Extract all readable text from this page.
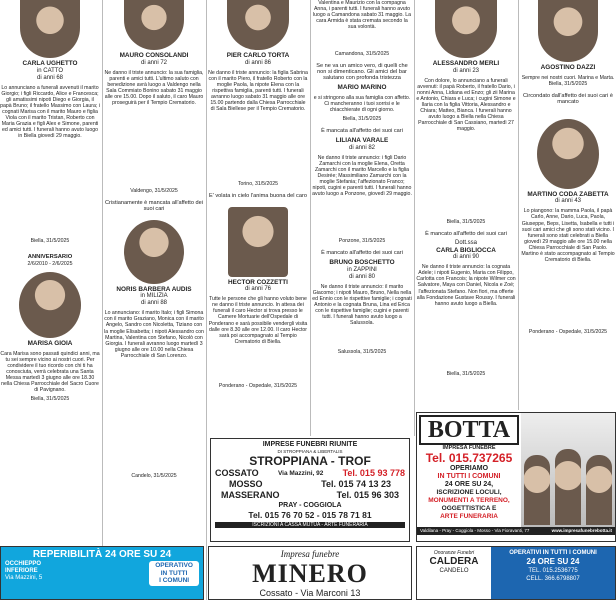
CARLA UGHETTO
in CATTO
di anni 68
Lo annunciano a funerali avvenuti il marito Giorgio; i figli Riccardo, Alice e Francesca; gli amatissimi nipoti Diego e Giorgia, il papà Bruno; il fratello Massimo con Laura; i cognati Marisa con il marito Mauro e figlia Viola con il marito Tristan, Roberto con Maria Grazia e figli Alex e Simone, parenti ed amici tutti. I funerali hanno avuto luogo in Biella giovedì 29 maggio.
Biella, 31/5/2025
ANNIVERSARIO
2/6/2010 - 2/6/2025
MARISA GIOIA
Cara Marisa sono passati quindici anni, ma tu sei sempre vicino ai nostri cuori. Per condividere il tuo ricordo con chi ti ha conosciuta, verrà celebrata una Santa Messa martedì 3 giugno alle ore 18.30 nella Chiesa Parrocchiale del Sacro Cuore di Pavignano.
Biella, 31/5/2025
MAURO CONSOLANDI
di anni 72
Ne danno il triste annuncio: la sua famiglia, parenti e amici tutti. L'ultimo saluto con benedizione avrà luogo a Valdengo nella Sala Commiato Bonino sabato 31 maggio alle ore 15.00. Dopo il saluto, il caro Mauro proseguirà per il Tempio Crematorio.
Valdengo, 31/5/2025
Cristianamente è mancata all'affetto dei suoi cari
NORIS BARBERA AUDIS
in MILIZIA
di anni 88
Lo annunciano: il marito Italo; i figli Simona con il marito Graziano, Monica con il marito Angelo, Sandro con Nicoletta, Tiziano con la moglie Elisabetta; i nipoti Alessandro con Martina, Valentina con Stefano, Nicolò con Giorgia. I funerali avranno luogo martedì 3 giugno alle ore 10.00 nella Chiesa Parrocchiale di San Lorenzo.
Candelo, 31/5/2025
PIER CARLO TORTA
di anni 86
Ne danno il triste annuncio: la figlia Sabrina con il marito Piero, il fratello Roberto con la moglie Paola, la nipote Elena con la rispettiva famiglia, parenti tutti. I funerali avranno luogo sabato 31 maggio alle ore 15.00 partendo dalla Chiesa Parrocchiale di Sala Biellese per il Tempio Crematorio.
Torino, 31/5/2025
E' volata in cielo l'anima buona del caro
HECTOR COZZETTI
di anni 76
Tutte le persone che gli hanno voluto bene ne danno il triste annuncio. In attesa dei funerali il caro Hector si trova presso le Camere Mortuarie dell'Ospedale di Ponderano e sarà possibile vendergli visita dalle ore 8.30 alle ore 12.00. Il caro Hector sarà poi accompagnato al Tempio Crematorio di Biella.
Ponderano - Ospedale, 31/5/2025
Valentina e Maurizio con la compagna Anna, i parenti tutti. I funerali hanno avuto luogo a Camandona sabato 31 maggio. La cara Armida è stata cremata secondo la sua volontà.
Camandona, 31/5/2025
Se ne va un amico vero, di quelli che non si dimenticano. Gli amici del bar salutano con profonda tristezza
MARIO MARINO
e si stringono alla sua famiglia con affetto. Ci mancheranno i tuoi sorrisi e le chiacchierate di ogni giorno.
Biella, 31/5/2025
È mancata all'affetto dei suoi cari
LILIANA VARALE
di anni 82
Ne danno il triste annuncio: i figli Dario Zamarchi con la moglie Elena, Oretta Zamarchi con il marito Marcello e la figlia Desirée; Massimiliano Zamarchi con la moglie Stefania; l'affezionato Franco; nipoti, cugini e parenti tutti. I funerali hanno avuto luogo a Ponzone, giovedì 29 maggio.
Ponzone, 31/5/2025
È mancato all'affetto dei suoi cari
BRUNO BOSCHETTO
in ZAPPINI
di anni 80
Ne danno il triste annuncio: il marito Giacomo; i nipoti Mauro, Bruno, Nella nella ed Ennio con le rispettive famiglie; i cognati Antonio e la cognata Bruna, Lina ed Erica con le rispettive famiglie; cugini e parenti tutti. I funerali hanno avuto luogo a Salussola.
Salussola, 31/5/2025
ALESSANDRO MERLI
di anni 23
Con dolore, lo annunciano a funerali avvenuti: il papà Roberto, il fratello Dario, i nonni Anna, Lidiana ed Enzo; gli zii Marina e Antonio, Chiara e Luca; i cugini Simone e Ilaria con la figlia Vittoria, Alessandro e Chiara; Matteo, Bianca. I funerali hanno avuto luogo a Biella nella Chiesa Parrocchiale di San Cassiano, martedì 27 maggio.
Biella, 31/5/2025
È mancato all'affetto dei suoi cari
Dott.ssa
CARLA BIGLIOCCA
di anni 90
Ne danno il triste annuncio: la cognata Adele; i nipoti Eugenio, Maria con Filippo, Carlotta con Francois; la nipote Wilmer con Salvatore, Maya con Daniel, Nicola e Zoé; l'affezionata Stefano. Non fiori, ma offerte alla Fondazione Gustave Roussy. I funerali hanno avuto luogo a Biella.
Biella, 31/5/2025
AGOSTINO DAZZI
Sempre nei nostri cuori. Marina e Marta.
Biella, 31/5/2025
Circondato dall'affetto dei suoi cari è mancato
MARTINO CODA ZABETTA
di anni 43
Lo piangono: la mamma Paola, il papà Carlo, Anne, Dario, Luca, Paola, Giuseppe, Beps, Lisetta, Isabella e tutti i suoi cari amici che gli sono stati vicino. I funerali sono stati celebrati a Biella giovedì 29 maggio alle ore 15.00 nella Chiesa Parrocchiale di San Paolo. Martino è stato accompagnato al Tempio Crematorio di Biella.
Ponderano - Ospedale, 31/5/2025
IMPRESE FUNEBRI RIUNITE
DI STROPPIANA & LIBERTALIS
STROPPIANA - TROF
COSSATO	Via Mazzini, 92 Tel. 015 93 778
MOSSO	Tel. 015 74 13 23
MASSERANO	Tel. 015 96 303
PRAY - COGGIOLA
Tel. 015 76 70 52 - 015 78 71 81
ISCRIZIONI A CASSA MUTUA - ARTE FUNERARIA
BOTTA
IMPRESA FUNEBRE
Tel. 015.737265
OPERIAMO
IN TUTTI I COMUNI
24 ORE SU 24,
ISCRIZIONE LOCULI,
MONUMENTI A TERRENO,
OGGETTISTICA E
ARTE FUNERARIA
Valdilana - Pray - Coggiola - Mosso - Via Fioravanti, 77	www.impresafunebrebotta.it
REPERIBILITÀ 24 ORE SU 24
OCCHIEPPO
INFERIORE
Via Mazzini, 5
OPERATIVO
IN TUTTI
I COMUNI
Impresa funebre
MINERO
Cossato - Via Marconi 13
Onoranze Funebri
CALDERA
CANDELO
OPERATIVI IN TUTTI I COMUNI
24 ORE SU 24
TEL. 015.2536775
CELL. 366.6798807
